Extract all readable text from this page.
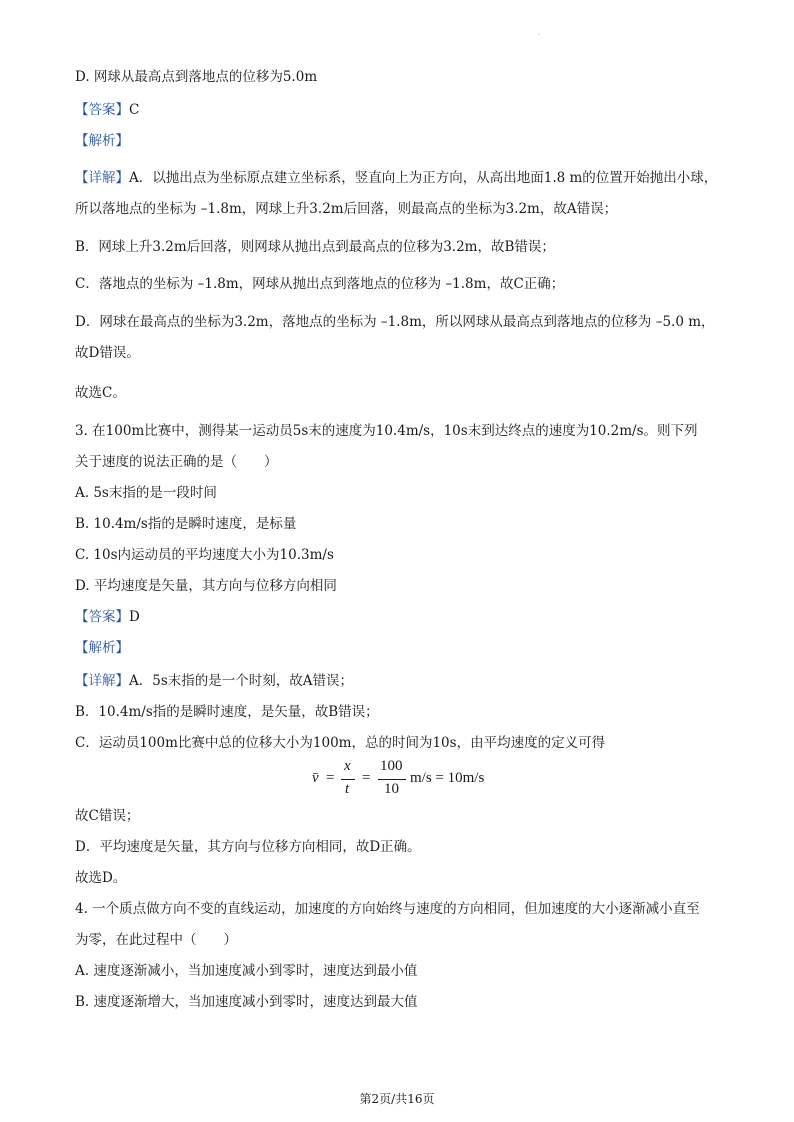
.
D. 网球从最高点到落地点的位移为5.0m
【答案】C
【解析】
【详解】A．以抛出点为坐标原点建立坐标系，竖直向上为正方向，从高出地面1.8 m的位置开始抛出小球，
所以落地点的坐标为 –1.8m，网球上升3.2m后回落，则最高点的坐标为3.2m，故A错误；
B．网球上升3.2m后回落，则网球从抛出点到最高点的位移为3.2m，故B错误；
C．落地点的坐标为 –1.8m，网球从抛出点到落地点的位移为 –1.8m，故C正确；
D．网球在最高点的坐标为3.2m，落地点的坐标为 –1.8m，所以网球从最高点到落地点的位移为 –5.0 m，
故D错误。
故选C。
3. 在100m比赛中，测得某一运动员5s末的速度为10.4m/s，10s末到达终点的速度为10.2m/s。则下列
关于速度的说法正确的是（　　）
A. 5s末指的是一段时间
B. 10.4m/s指的是瞬时速度，是标量
C. 10s内运动员的平均速度大小为10.3m/s
D. 平均速度是矢量，其方向与位移方向相同
【答案】D
【解析】
【详解】A．5s末指的是一个时刻，故A错误；
B．10.4m/s指的是瞬时速度，是矢量，故B错误；
C．运动员100m比赛中总的位移大小为100m，总的时间为10s，由平均速度的定义可得
故C错误；
D．平均速度是矢量，其方向与位移方向相同，故D正确。
故选D。
4. 一个质点做方向不变的直线运动，加速度的方向始终与速度的方向相同，但加速度的大小逐渐减小直至
为零，在此过程中（　　）
A. 速度逐渐减小，当加速度减小到零时，速度达到最小值
B. 速度逐渐增大，当加速度减小到零时，速度达到最大值
v̄ =
x
t
=
100
10
m/s = 10m/s
第2页/共16页
